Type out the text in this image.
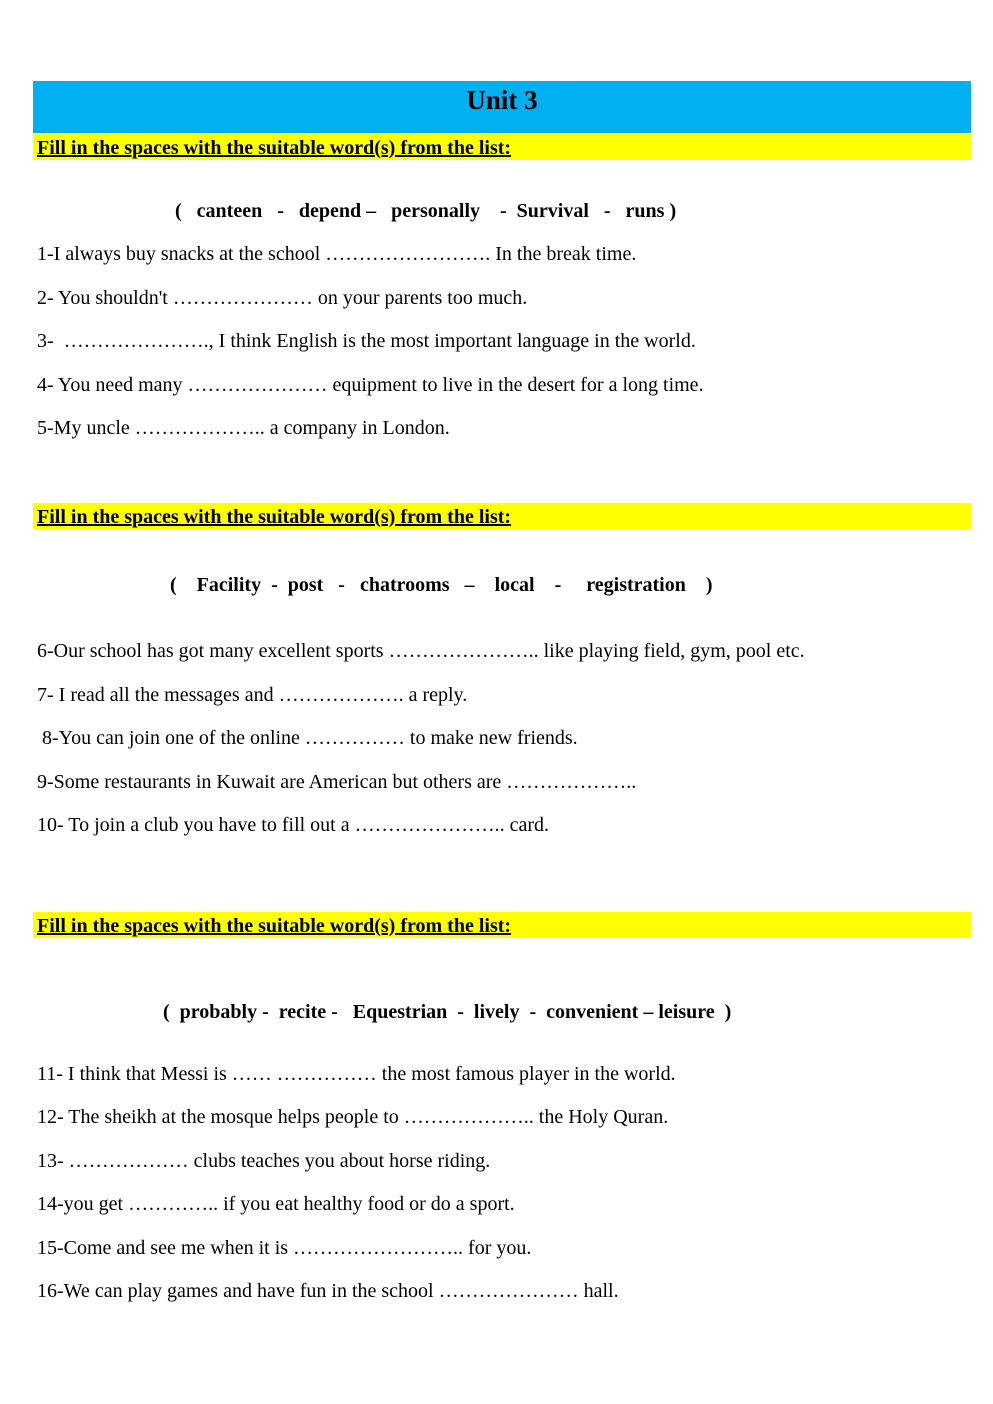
Unit 3
Fill in the spaces with the suitable word(s) from the list:
(   canteen   -   depend –   personally    -  Survival   -   runs )
1-I always buy snacks at the school ……………………. In the break time.
2- You shouldn't ………………… on your parents too much.
3-  …………………., I think English is the most important language in the world.
4- You need many ………………… equipment to live in the desert for a long time.
5-My uncle ……………….. a company in London.
Fill in the spaces with the suitable word(s) from the list:
(    Facility  -  post   -   chatrooms   –    local    -     registration    )
6-Our school has got many excellent sports ………………….. like playing field, gym, pool etc.
7- I read all the messages and ………………. a reply.
8-You can join one of the online …………… to make new friends.
9-Some restaurants in Kuwait are American but others are ………………..
10- To join a club you have to fill out a ………………….. card.
Fill in the spaces with the suitable word(s) from the list:
(  probably -  recite -   Equestrian  -  lively  -  convenient – leisure  )
11- I think that Messi is …… …………… the most famous player in the world.
12- The sheikh at the mosque helps people to ……………….. the Holy Quran.
13- ……………… clubs teaches you about horse riding.
14-you get ………….. if you eat healthy food or do a sport.
15-Come and see me when it is …………………….. for you.
16-We can play games and have fun in the school ………………… hall.
